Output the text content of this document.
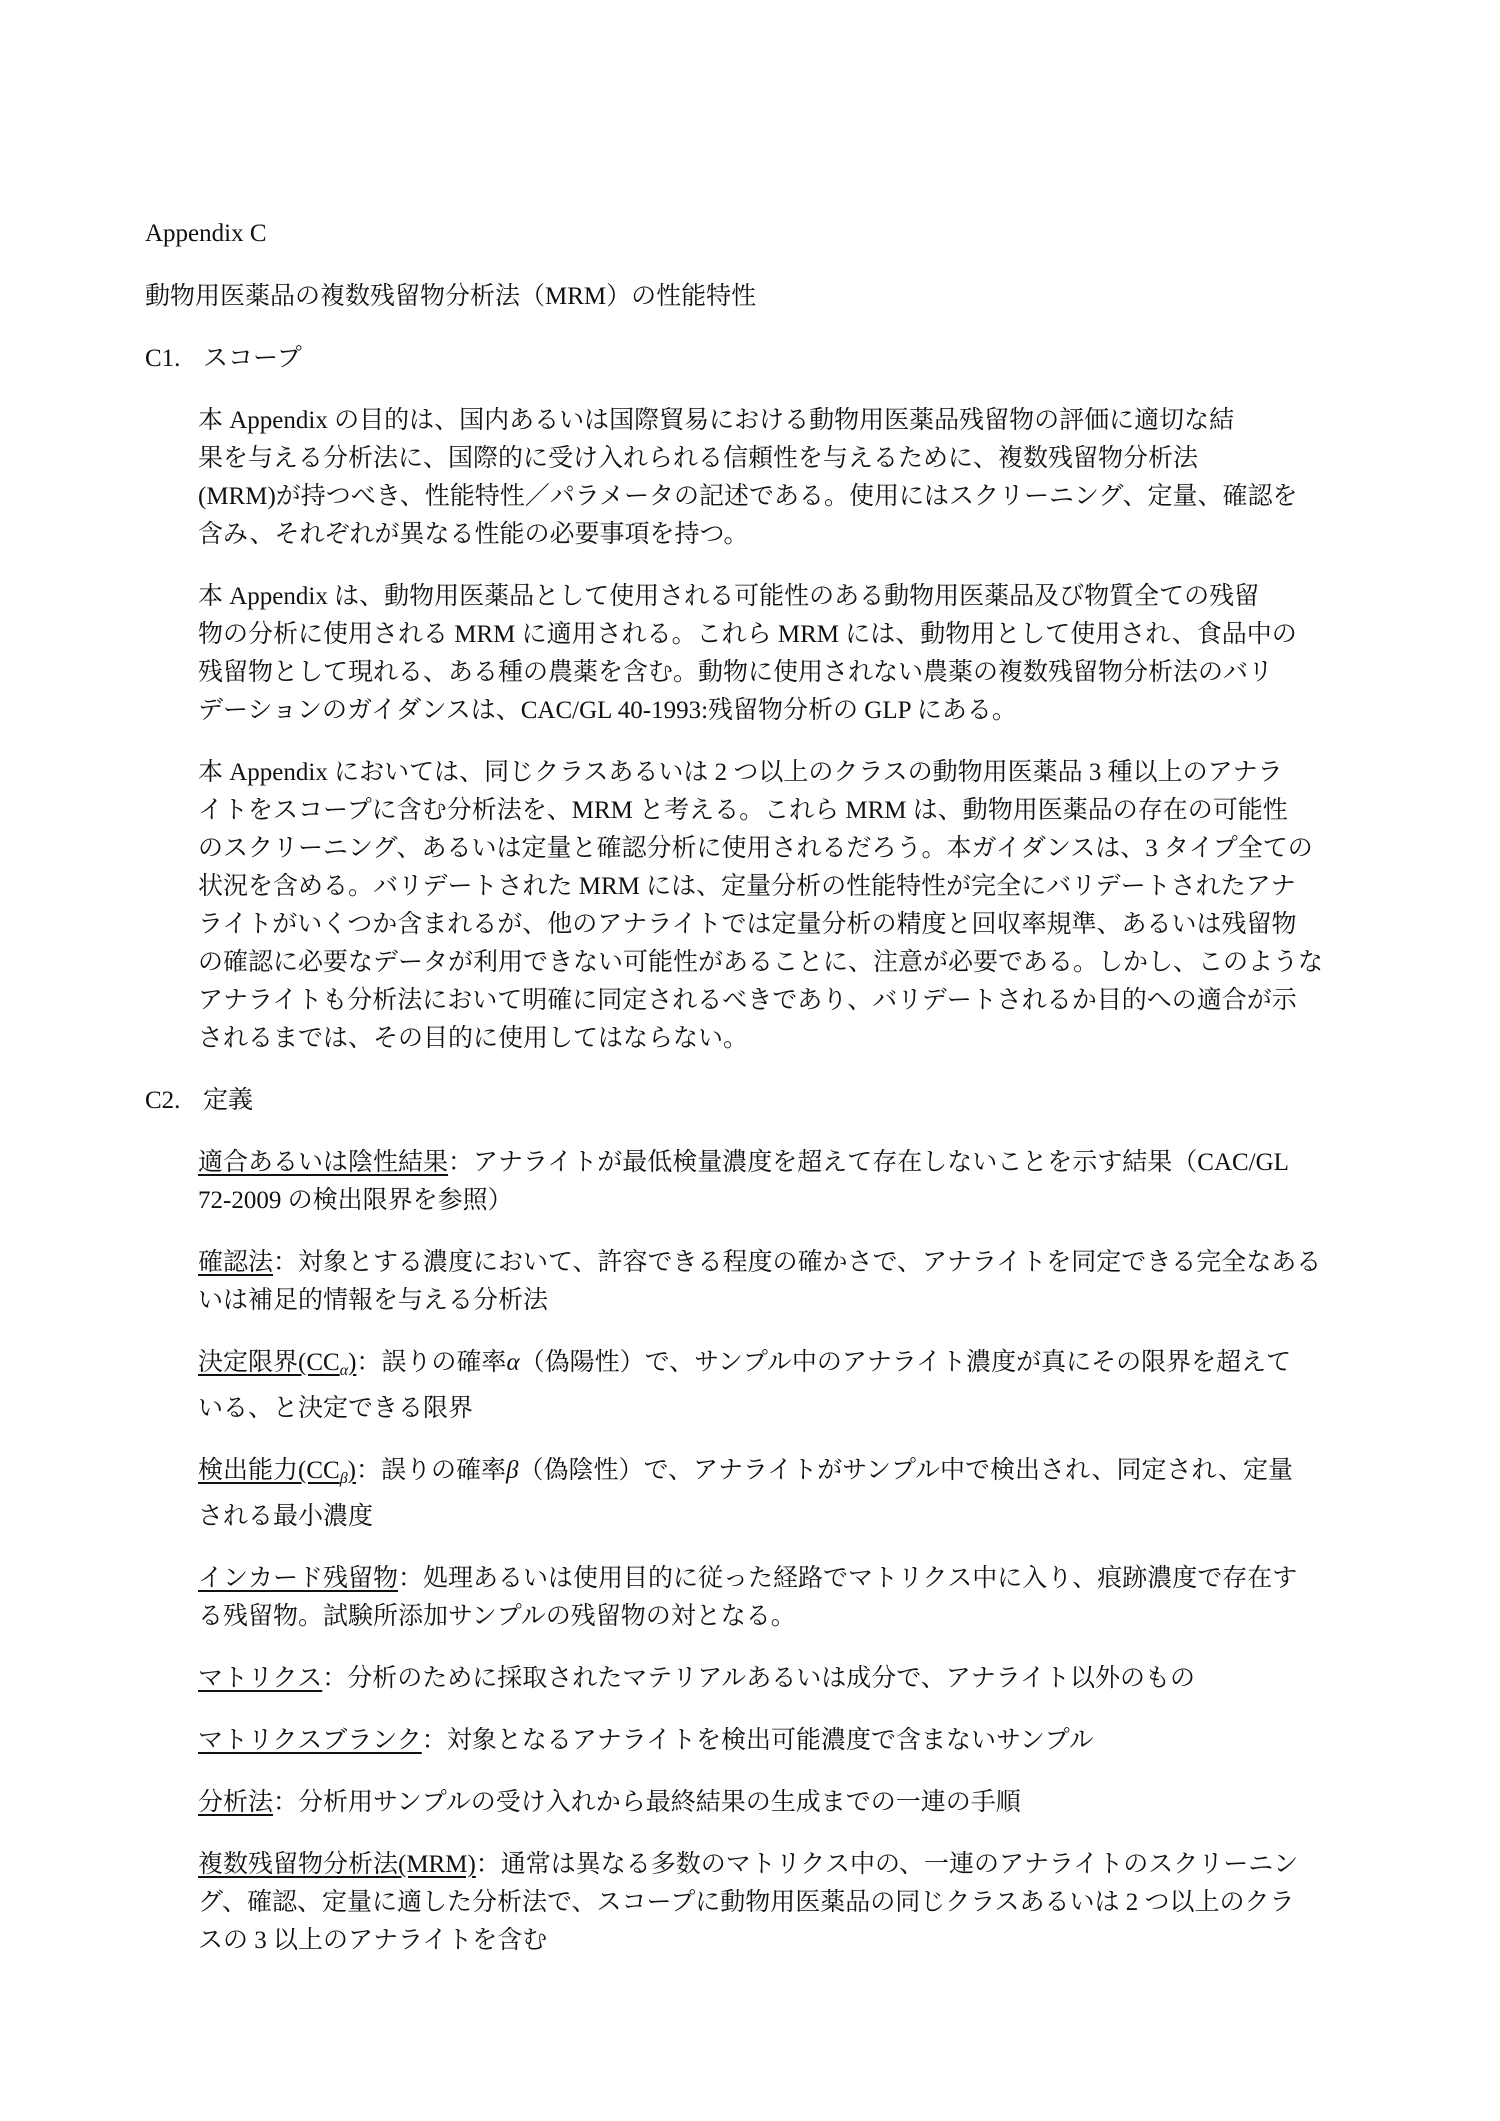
Appendix C

動物用医薬品の複数残留物分析法（MRM）の性能特性

C1. スコープ

本 Appendix の目的は、国内あるいは国際貿易における動物用医薬品残留物の評価に適切な結

果を与える分析法に、国際的に受け入れられる信頼性を与えるために、複数残留物分析法

(MRM)が持つべき、性能特性／パラメータの記述である。使用にはスクリーニング、定量、確認を

含み、それぞれが異なる性能の必要事項を持つ。

本 Appendix は、動物用医薬品として使用される可能性のある動物用医薬品及び物質全ての残留

物の分析に使用される MRM に適用される。これら MRM には、動物用として使用され、食品中の

残留物として現れる、ある種の農薬を含む。動物に使用されない農薬の複数残留物分析法のバリ

デーションのガイダンスは、CAC/GL 40-1993:残留物分析の GLP にある。

本 Appendix においては、同じクラスあるいは 2 つ以上のクラスの動物用医薬品 3 種以上のアナラ

イトをスコープに含む分析法を、MRM と考える。これら MRM は、動物用医薬品の存在の可能性

のスクリーニング、あるいは定量と確認分析に使用されるだろう。本ガイダンスは、3 タイプ全ての

状況を含める。バリデートされた MRM には、定量分析の性能特性が完全にバリデートされたアナ

ライトがいくつか含まれるが、他のアナライトでは定量分析の精度と回収率規準、あるいは残留物

の確認に必要なデータが利用できない可能性があることに、注意が必要である。しかし、このような

アナライトも分析法において明確に同定されるべきであり、バリデートされるか目的への適合が示

されるまでは、その目的に使用してはならない。

C2. 定義

適合あるいは陰性結果：アナライトが最低検量濃度を超えて存在しないことを示す結果（CAC/GL

72-2009 の検出限界を参照）

確認法：対象とする濃度において、許容できる程度の確かさで、アナライトを同定できる完全なある

いは補足的情報を与える分析法

決定限界$(CC_\alpha)$：誤りの確率α（偽陽性）で、サンプル中のアナライト濃度が真にその限界を超えて

いる、と決定できる限界

検出能力$(CC_\beta)$：誤りの確率β（偽陰性）で、アナライトがサンプル中で検出され、同定され、定量

される最小濃度

インカード残留物：処理あるいは使用目的に従った経路でマトリクス中に入り、痕跡濃度で存在す

る残留物。試験所添加サンプルの残留物の対となる。

マトリクス：分析のために採取されたマテリアルあるいは成分で、アナライト以外のもの

マトリクスブランク：対象となるアナライトを検出可能濃度で含まないサンプル

分析法：分析用サンプルの受け入れから最終結果の生成までの一連の手順

複数残留物分析法(MRM)：通常は異なる多数のマトリクス中の、一連のアナライトのスクリーニン

グ、確認、定量に適した分析法で、スコープに動物用医薬品の同じクラスあるいは 2 つ以上のクラ

スの 3 以上のアナライトを含む
